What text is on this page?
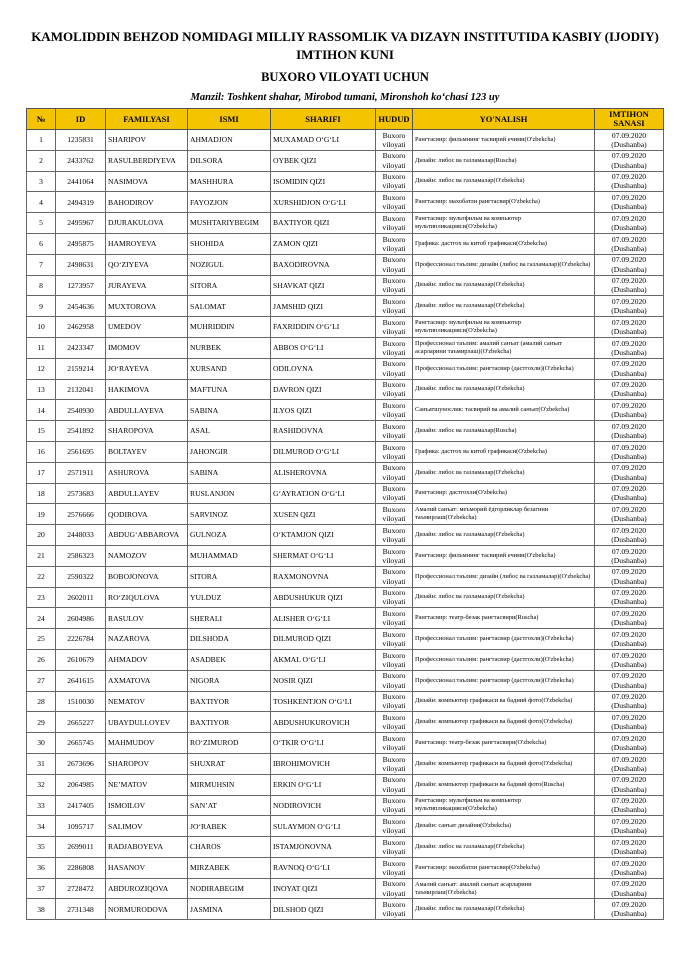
KAMOLIDDIN BEHZOD NOMIDAGI MILLIY RASSOMLIK VA DIZAYN INSTITUTIDA KASBIY (IJODIY)
IMTIHON KUNI
BUXORO VILOYATI UCHUN
Manzil: Toshkent shahar, Mirobod tumani, Mironshoh ko‘chasi 123 uy
№	ID	FAMILYASI	ISMI	SHARIFI	HUDUD	YO'NALISH	IMTIHON SANASI
1	1235831	SHARIPOV	AHMADJON	MUXAMAD O‘G‘LI	Buxoro viloyati	Рангтасвир: фильмнинг тасвирий ечими(O'zbekcha)	07.09.2020 (Dushanba)
2	2433762	RASULBERDIYEVA	DILSORA	OYBEK QIZI	Buxoro viloyati	Дизайн: либос ва газламалар(Ruscha)	07.09.2020 (Dushanba)
3	2441064	NASIMOVA	MASHHURA	ISOMIDIN QIZI	Buxoro viloyati	Дизайн: либос ва газламалар(O'zbekcha)	07.09.2020 (Dushanba)
4	2494319	BAHODIROV	FAYOZJON	XURSHIDJON O‘G‘LI	Buxoro viloyati	Рангтасвир: махобатли рангтасвир(O'zbekcha)	07.09.2020 (Dushanba)
5	2495967	DJURAKULOVA	MUSHTARIYBEGIM	BAXTIYOR QIZI	Buxoro viloyati	Рангтасвир: мультфильм ва компьютер мультипликацияси(O'zbekcha)	07.09.2020 (Dushanba)
6	2495875	HAMROYEVA	SHOHIDA	ZAMON QIZI	Buxoro viloyati	Графика: дастгох ва китоб графикаси(O'zbekcha)	07.09.2020 (Dushanba)
7	2498631	QO‘ZIYEVA	NOZIGUL	BAXODIROVNA	Buxoro viloyati	Профессионал таълим: дизайн (либос ва газламалар)(O'zbekcha)	07.09.2020 (Dushanba)
8	1273957	JURAYEVA	SITORA	SHAVKAT QIZI	Buxoro viloyati	Дизайн: либос ва газламалар(O'zbekcha)	07.09.2020 (Dushanba)
9	2454636	MUXTOROVA	SALOMAT	JAMSHID QIZI	Buxoro viloyati	Дизайн: либос ва газламалар(O'zbekcha)	07.09.2020 (Dushanba)
10	2462958	UMEDOV	MUHRIDDIN	FAXRIDDIN O‘G‘LI	Buxoro viloyati	Рангтасвир: мультфильм ва компьютер мультипликацияси(O'zbekcha)	07.09.2020 (Dushanba)
11	2423347	IMOMOV	NURBEK	ABBOS O‘G‘LI	Buxoro viloyati	Профессионал таълим: амалий санъат (амалий санъат асарларини таъмирлаш)(O'zbekcha)	07.09.2020 (Dushanba)
12	2159214	JO‘RAYEVA	XURSAND	ODILOVNA	Buxoro viloyati	Профессионал таълим: рангтасвир (дастгохли)(O'zbekcha)	07.09.2020 (Dushanba)
13	2132041	HAKIMOVA	MAFTUNA	DAVRON QIZI	Buxoro viloyati	Дизайн: либос ва газламалар(O'zbekcha)	07.09.2020 (Dushanba)
14	2540930	ABDULLAYEVA	SABINA	ILYOS QIZI	Buxoro viloyati	Санъатшунослик: тасвирий ва амалий санъат(O'zbekcha)	07.09.2020 (Dushanba)
15	2541892	SHAROPOVA	ASAL	RASHIDOVNA	Buxoro viloyati	Дизайн: либос ва газламалар(Ruscha)	07.09.2020 (Dushanba)
16	2561695	BOLTAYEV	JAHONGIR	DILMUROD O‘G‘LI	Buxoro viloyati	Графика: дастгох ва китоб графикаси(O'zbekcha)	07.09.2020 (Dushanba)
17	2571911	ASHUROVA	SABINA	ALISHEROVNA	Buxoro viloyati	Дизайн: либос ва газламалар(O'zbekcha)	07.09.2020 (Dushanba)
18	2573683	ABDULLAYEV	RUSLANJON	G‘AYRATJON O‘G‘LI	Buxoro viloyati	Рангтасвир: дастгохли(O'zbekcha)	07.09.2020 (Dushanba)
19	2576666	QODIROVA	SARVINOZ	XUSEN QIZI	Buxoro viloyati	Амалий санъат: меъморий ёдгорликлар безагини таъмирлаш(O'zbekcha)	07.09.2020 (Dushanba)
20	2448033	ABDUG‘ABBAROVA	GULNOZA	O‘KTAMJON QIZI	Buxoro viloyati	Дизайн: либос ва газламалар(O'zbekcha)	07.09.2020 (Dushanba)
21	2586323	NAMOZOV	MUHAMMAD	SHERMAT O‘G‘LI	Buxoro viloyati	Рангтасвир: фильмнинг тасвирий ечими(O'zbekcha)	07.09.2020 (Dushanba)
22	2590322	BOBOJONOVA	SITORA	RAXMONOVNA	Buxoro viloyati	Профессионал таълим: дизайн (либос ва газламалар)(O'zbekcha)	07.09.2020 (Dushanba)
23	2602011	RO‘ZIQULOVA	YULDUZ	ABDUSHUKUR QIZI	Buxoro viloyati	Дизайн: либос ва газламалар(O'zbekcha)	07.09.2020 (Dushanba)
24	2604986	RASULOV	SHERALI	ALISHER O‘G‘LI	Buxoro viloyati	Рангтасвир: театр-безак рангтасвири(Ruscha)	07.09.2020 (Dushanba)
25	2226784	NAZAROVA	DILSHODA	DILMUROD QIZI	Buxoro viloyati	Профессионал таълим: рангтасвир (дастгохли)(O'zbekcha)	07.09.2020 (Dushanba)
26	2610679	AHMADOV	ASADBEK	AKMAL O‘G‘LI	Buxoro viloyati	Профессионал таълим: рангтасвир (дастгохли)(O'zbekcha)	07.09.2020 (Dushanba)
27	2641615	AXMATOVA	NIGORA	NOSIR QIZI	Buxoro viloyati	Профессионал таълим: рангтасвир (дастгохли)(O'zbekcha)	07.09.2020 (Dushanba)
28	1510030	NEMATOV	BAXTIYOR	TOSHKENTJON O‘G‘LI	Buxoro viloyati	Дизайн: компьютер графикаси ва бадиий фото(O'zbekcha)	07.09.2020 (Dushanba)
29	2665227	UBAYDULLOYEV	BAXTIYOR	ABDUSHUKUROVICH	Buxoro viloyati	Дизайн: компьютер графикаси ва бадиий фото(O'zbekcha)	07.09.2020 (Dushanba)
30	2665745	MAHMUDOV	RO‘ZIMUROD	O‘TKIR O‘G‘LI	Buxoro viloyati	Рангтасвир: театр-безак рангтасвири(O'zbekcha)	07.09.2020 (Dushanba)
31	2673696	SHAROPOV	SHUXRAT	IBROHIMOVICH	Buxoro viloyati	Дизайн: компьютер графикаси ва бадиий фото(O'zbekcha)	07.09.2020 (Dushanba)
32	2064985	NE’MATOV	MIRMUHSIN	ERKIN O‘G‘LI	Buxoro viloyati	Дизайн: компьютер графикаси ва бадиий фото(Ruscha)	07.09.2020 (Dushanba)
33	2417405	ISMOILOV	SAN’AT	NODIROVICH	Buxoro viloyati	Рангтасвир: мультфильм ва компьютер мультипликацияси(O'zbekcha)	07.09.2020 (Dushanba)
34	1095717	SALIMOV	JO‘RABEK	SULAYMON O‘G‘LI	Buxoro viloyati	Дизайн: санъат дизайни(O'zbekcha)	07.09.2020 (Dushanba)
35	2699011	RADJABOYEVA	CHAROS	ISTAMJONOVNA	Buxoro viloyati	Дизайн: либос ва газламалар(O'zbekcha)	07.09.2020 (Dushanba)
36	2286808	HASANOV	MIRZABEK	RAVNOQ O‘G‘LI	Buxoro viloyati	Рангтасвир: махобатли рангтасвир(O'zbekcha)	07.09.2020 (Dushanba)
37	2728472	ABDUROZIQOVA	NODIRABEGIM	INOYAT QIZI	Buxoro viloyati	Амалий санъат: амалий санъат асарларини таъмирлаш(O'zbekcha)	07.09.2020 (Dushanba)
38	2731348	NORMURODOVA	JASMINA	DILSHOD QIZI	Buxoro viloyati	Дизайн: либос ва газламалар(O'zbekcha)	07.09.2020 (Dushanba)
